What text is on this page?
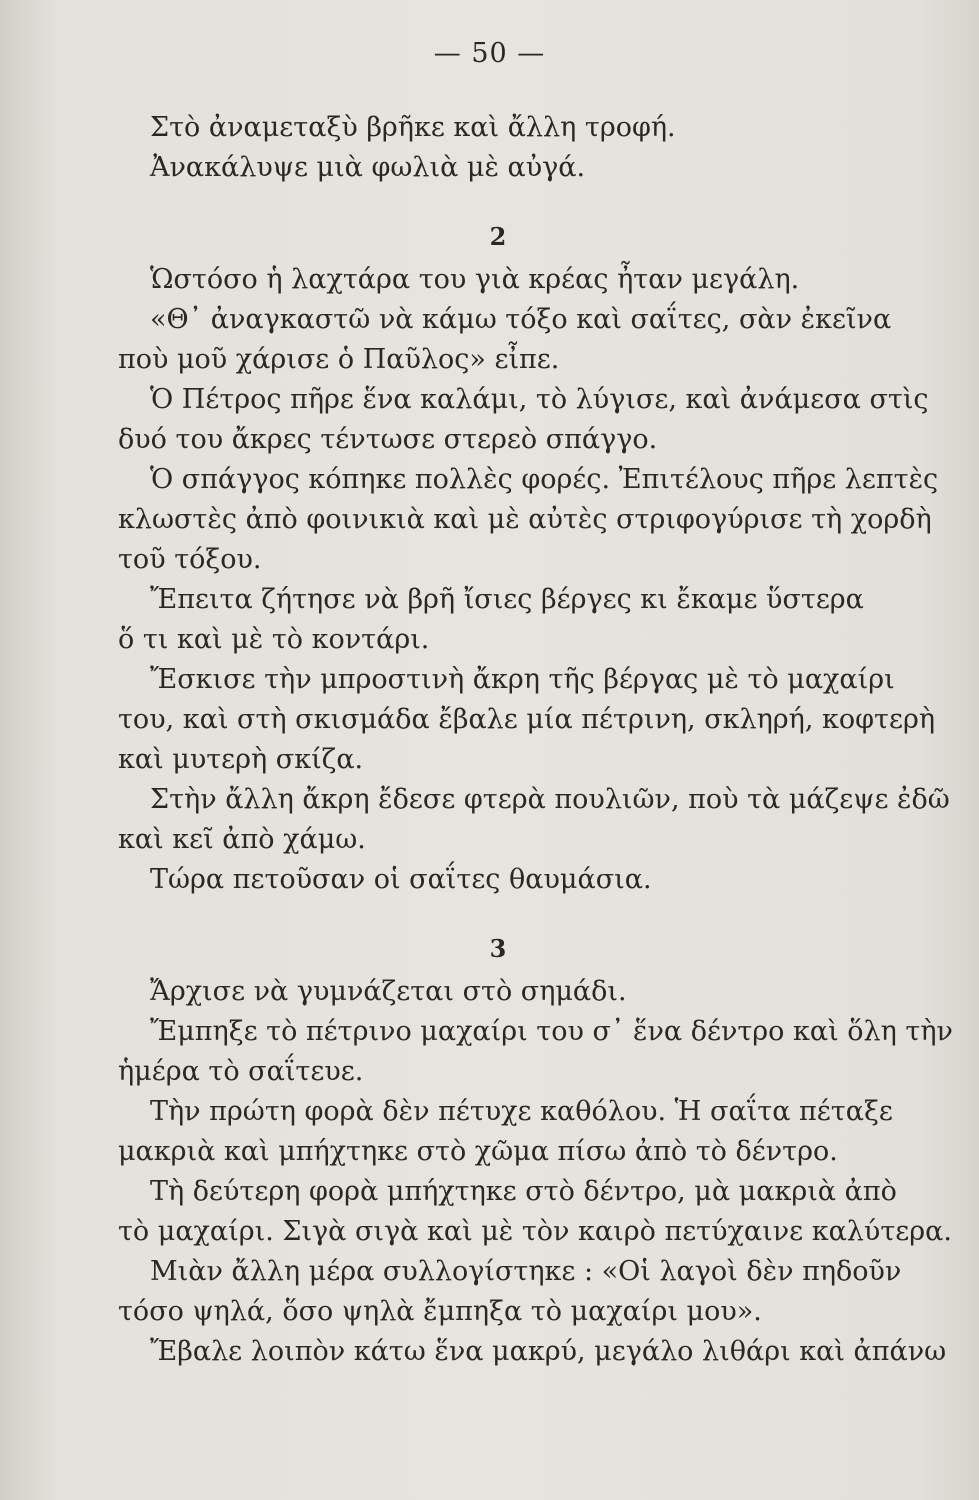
— 50 —
Στὸ ἀναμεταξὺ βρῆκε καὶ ἄλλη τροφή.
Ἀνακάλυψε μιὰ φωλιὰ μὲ αὐγά.
2
Ὡστόσο ἡ λαχτάρα του γιὰ κρέας ἦταν μεγάλη.
«Θ᾽ ἀναγκαστῶ νὰ κάμω τόξο καὶ σαΐτες, σὰν ἐκεῖνα
ποὺ μοῦ χάρισε ὁ Παῦλος» εἶπε.
Ὁ Πέτρος πῆρε ἕνα καλάμι, τὸ λύγισε, καὶ ἀνάμεσα στὶς
δυό του ἄκρες τέντωσε στερεὸ σπάγγο.
Ὁ σπάγγος κόπηκε πολλὲς φορές. Ἐπιτέλους πῆρε λεπτὲς
κλωστὲς ἀπὸ φοινικιὰ καὶ μὲ αὐτὲς στριφογύρισε τὴ χορδὴ
τοῦ τόξου.
Ἔπειτα ζήτησε νὰ βρῆ ἴσιες βέργες κι ἔκαμε ὕστερα
ὅ τι καὶ μὲ τὸ κοντάρι.
Ἔσκισε τὴν μπροστινὴ ἄκρη τῆς βέργας μὲ τὸ μαχαίρι
του, καὶ στὴ σκισμάδα ἔβαλε μία πέτρινη, σκληρή, κοφτερὴ
καὶ μυτερὴ σκίζα.
Στὴν ἄλλη ἄκρη ἔδεσε φτερὰ πουλιῶν, ποὺ τὰ μάζεψε ἐδῶ
καὶ κεῖ ἀπὸ χάμω.
Τώρα πετοῦσαν οἱ σαΐτες θαυμάσια.
3
Ἄρχισε νὰ γυμνάζεται στὸ σημάδι.
Ἔμπηξε τὸ πέτρινο μαχαίρι του σ᾽ ἕνα δέντρο καὶ ὅλη τὴν
ἡμέρα τὸ σαΐτευε.
Τὴν πρώτη φορὰ δὲν πέτυχε καθόλου. Ἡ σαΐτα πέταξε
μακριὰ καὶ μπήχτηκε στὸ χῶμα πίσω ἀπὸ τὸ δέντρο.
Τὴ δεύτερη φορὰ μπήχτηκε στὸ δέντρο, μὰ μακριὰ ἀπὸ
τὸ μαχαίρι. Σιγὰ σιγὰ καὶ μὲ τὸν καιρὸ πετύχαινε καλύτερα.
Μιὰν ἄλλη μέρα συλλογίστηκε : «Οἱ λαγοὶ δὲν πηδοῦν
τόσο ψηλά, ὅσο ψηλὰ ἔμπηξα τὸ μαχαίρι μου».
Ἔβαλε λοιπὸν κάτω ἕνα μακρύ, μεγάλο λιθάρι καὶ ἀπάνω
